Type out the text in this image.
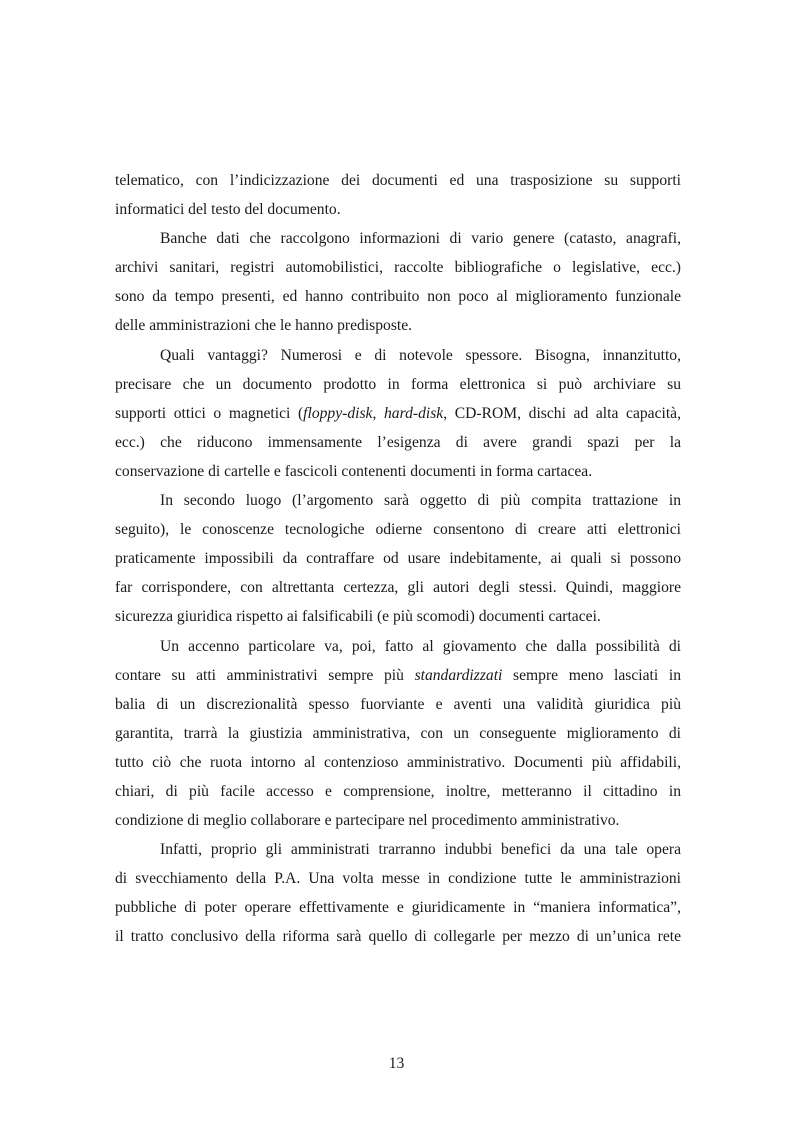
telematico, con l’indicizzazione dei documenti ed una trasposizione su supporti
informatici del testo del documento.
Banche dati che raccolgono informazioni di vario genere (catasto, anagrafi,
archivi sanitari, registri automobilistici, raccolte bibliografiche o legislative, ecc.)
sono da tempo presenti, ed hanno contribuito non poco al miglioramento funzionale
delle amministrazioni che le hanno predisposte.
Quali vantaggi? Numerosi e di notevole spessore. Bisogna, innanzitutto,
precisare che un documento prodotto in forma elettronica si può archiviare su
supporti ottici o magnetici (floppy-disk, hard-disk, CD-ROM, dischi ad alta capacità,
ecc.) che riducono immensamente l’esigenza di avere grandi spazi per la
conservazione di cartelle e fascicoli contenenti documenti in forma cartacea.
In secondo luogo (l’argomento sarà oggetto di più compita trattazione in
seguito), le conoscenze tecnologiche odierne consentono di creare atti elettronici
praticamente impossibili da contraffare od usare indebitamente, ai quali si possono
far corrispondere, con altrettanta certezza, gli autori degli stessi. Quindi, maggiore
sicurezza giuridica rispetto ai falsificabili (e più scomodi) documenti cartacei.
Un accenno particolare va, poi, fatto al giovamento che dalla possibilità di
contare su atti amministrativi sempre più standardizzati sempre meno lasciati in
balia di un discrezionalità spesso fuorviante e aventi una validità giuridica più
garantita, trarrà la giustizia amministrativa, con un conseguente miglioramento di
tutto ciò che ruota intorno al contenzioso amministrativo. Documenti più affidabili,
chiari, di più facile accesso e comprensione, inoltre, metteranno il cittadino in
condizione di meglio collaborare e partecipare nel procedimento amministrativo.
Infatti, proprio gli amministrati trarranno indubbi benefici da una tale opera
di svecchiamento della P.A. Una volta messe in condizione tutte le amministrazioni
pubbliche di poter operare effettivamente e giuridicamente in “maniera informatica”,
il tratto conclusivo della riforma sarà quello di collegarle per mezzo di un’unica rete
13
